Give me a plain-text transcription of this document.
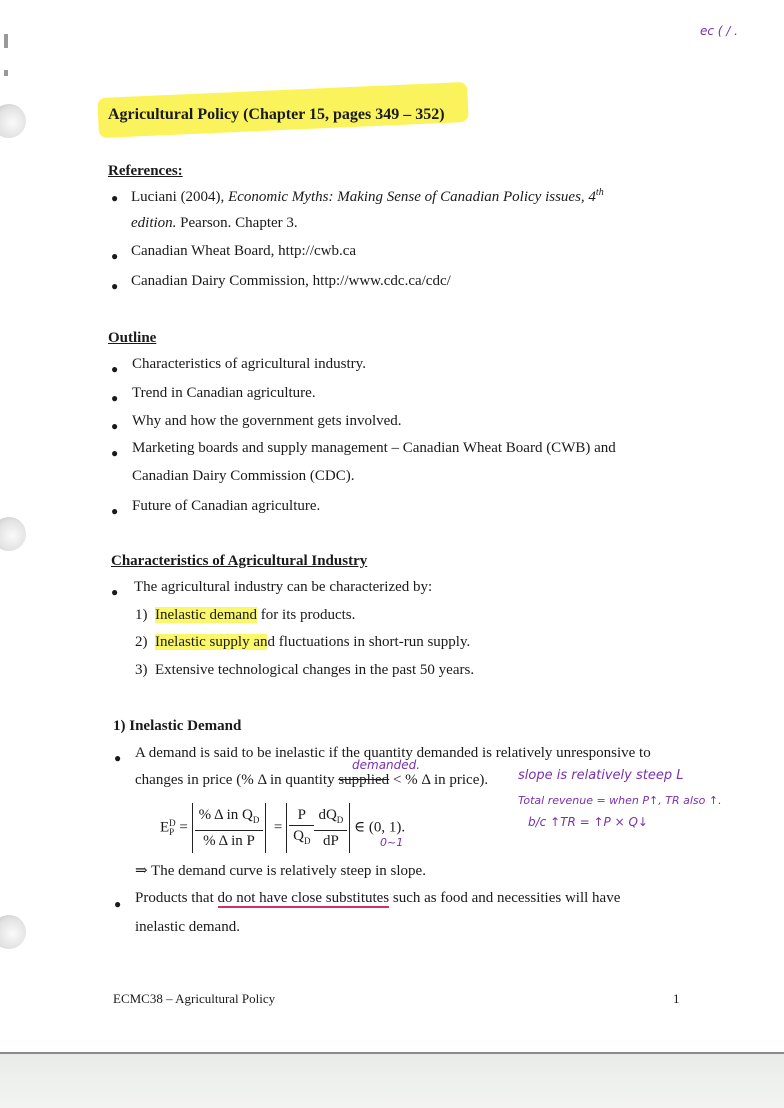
ec ( / .
Agricultural Policy (Chapter 15, pages 349 – 352)
References:
● Luciani (2004), Economic Myths: Making Sense of Canadian Policy issues, 4th
edition. Pearson. Chapter 3.
● Canadian Wheat Board, http://cwb.ca
● Canadian Dairy Commission, http://www.cdc.ca/cdc/
Outline
● Characteristics of agricultural industry.
● Trend in Canadian agriculture.
● Why and how the government gets involved.
● Marketing boards and supply management – Canadian Wheat Board (CWB) and
Canadian Dairy Commission (CDC).
● Future of Canadian agriculture.
Characteristics of Agricultural Industry
● The agricultural industry can be characterized by:
1) Inelastic demand for its products.
2) Inelastic supply and fluctuations in short-run supply.
3) Extensive technological changes in the past 50 years.
1) Inelastic Demand
● A demand is said to be inelastic if the quantity demanded is relatively unresponsive to
demanded.
changes in price (% Δ in quantity supplied < % Δ in price). slope is relatively steep L
Total revenue = when P↑, TR also ↑.
b/c ↑TR = ↑P × Q↓
E D
$P = \frac{\% \Delta in Q_D}{\text{\% Δ in P}} = \frac{P}{Q_D} \frac{dQ_D}{dP}$ ∈ (0, 1).
0~1
⇒ The demand curve is relatively steep in slope.
● Products that do not have close substitutes such as food and necessities will have
inelastic demand.
ECMC38 – Agricultural Policy	1
